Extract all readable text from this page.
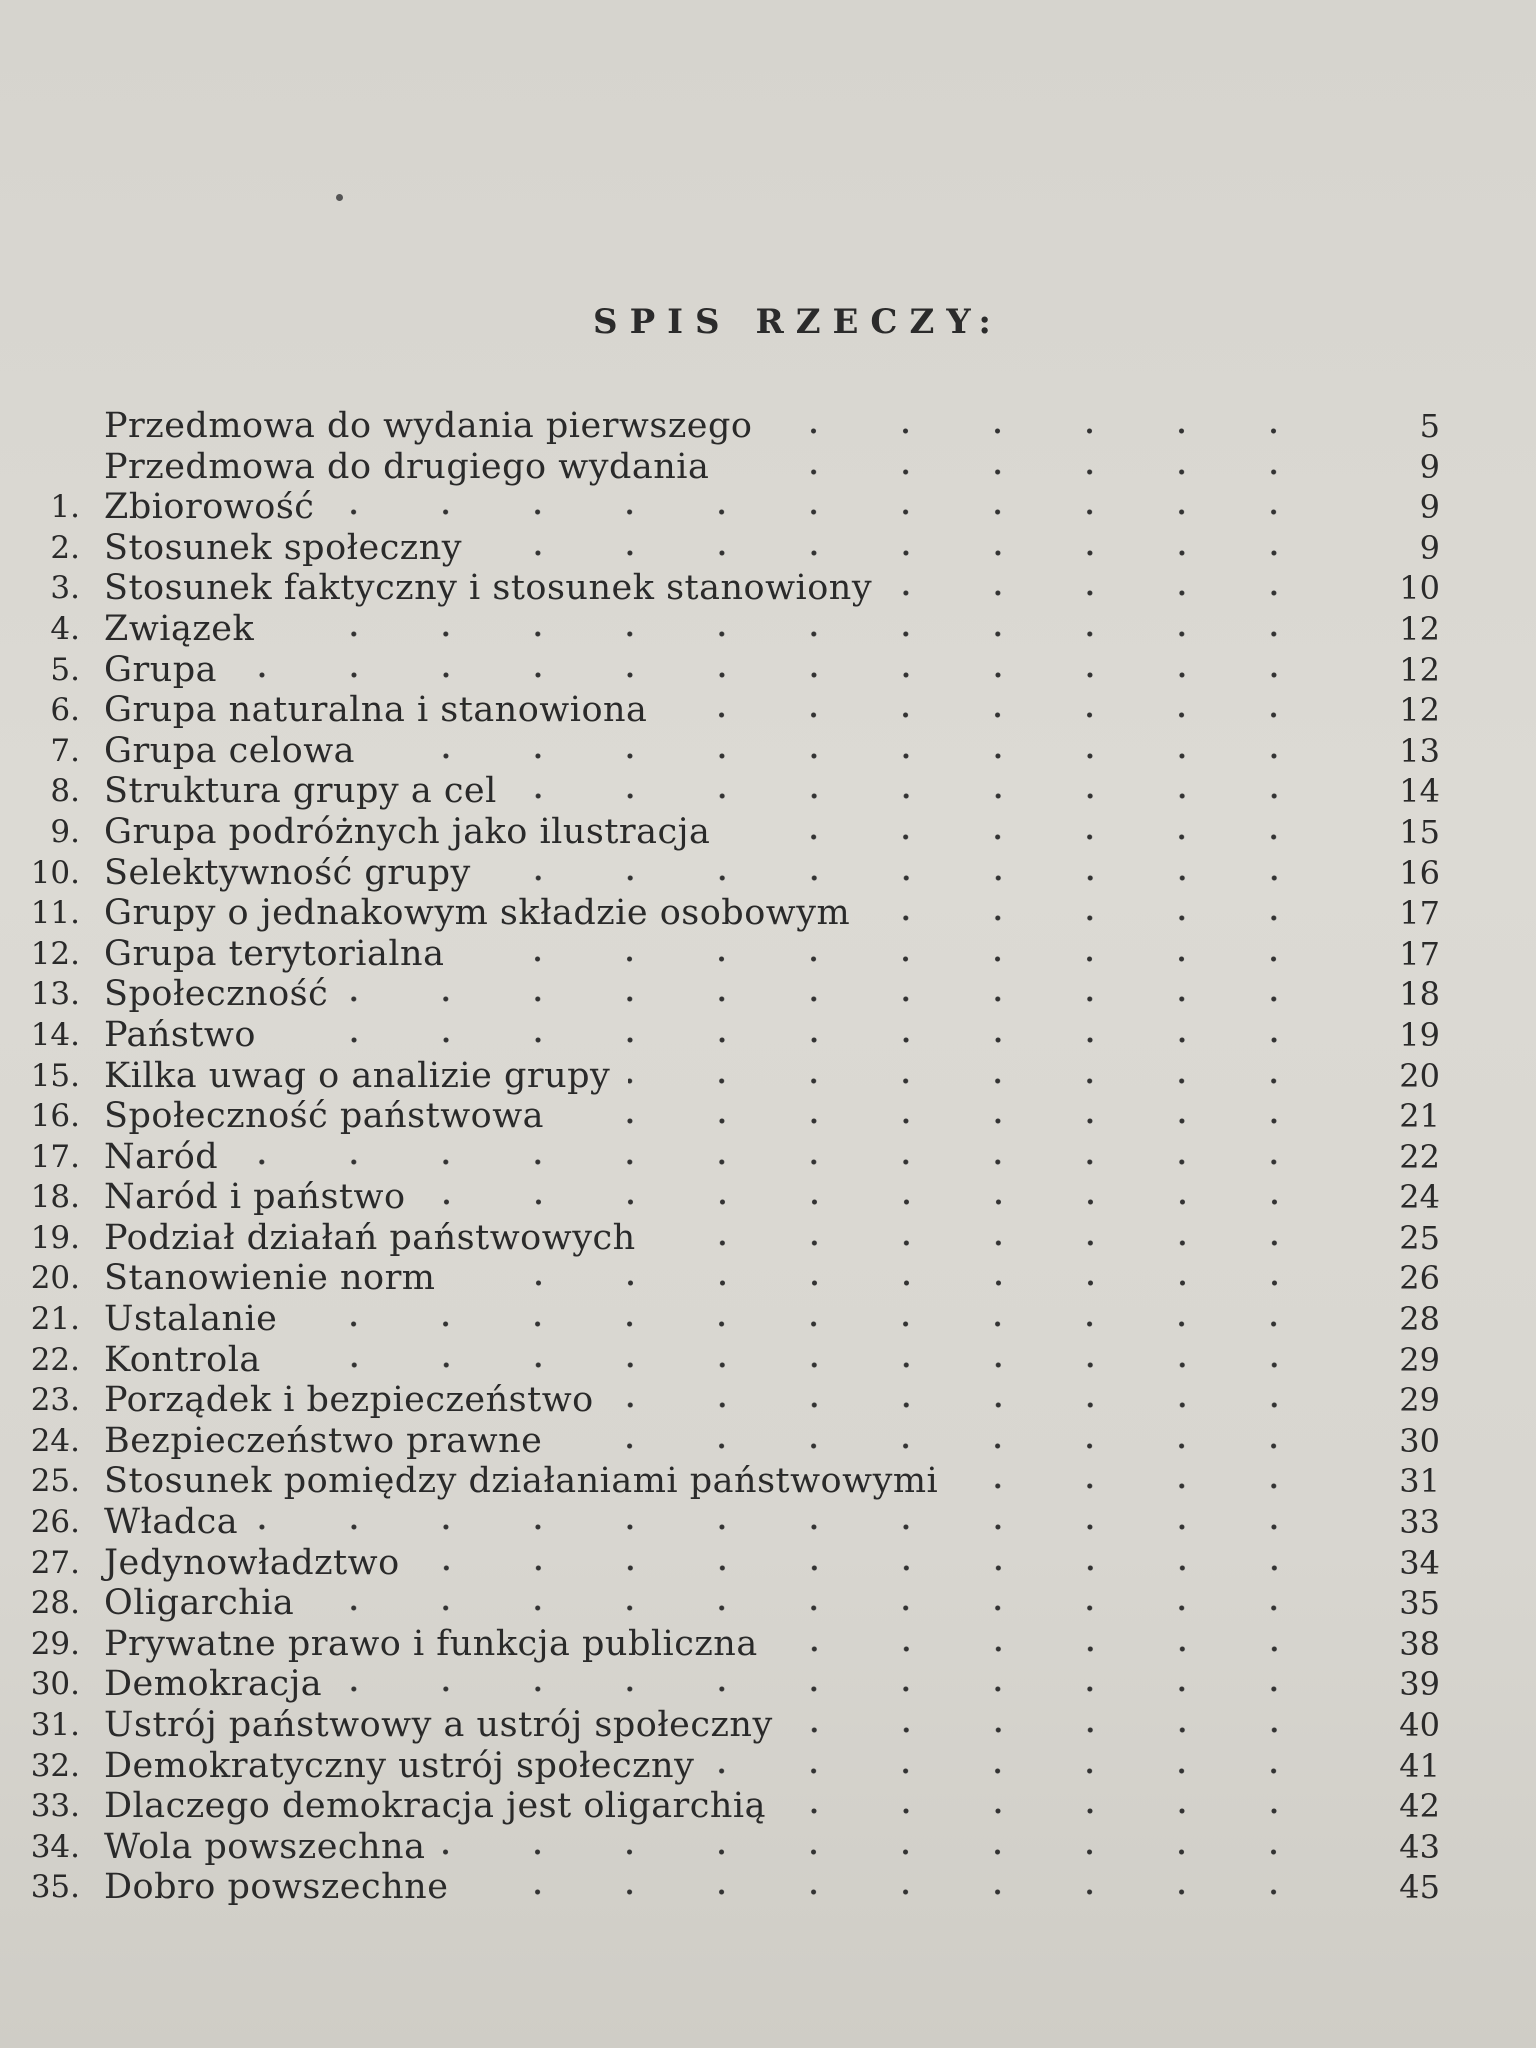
SPIS RZECZY:
Przedmowa do wydania pierwszego	5
Przedmowa do drugiego wydania	9
1. Zbiorowość	9
2. Stosunek społeczny	9
3. Stosunek faktyczny i stosunek stanowiony	10
4. Związek	12
5. Grupa	12
6. Grupa naturalna i stanowiona	12
7. Grupa celowa	13
8. Struktura grupy a cel	14
9. Grupa podróżnych jako ilustracja	15
10. Selektywność grupy	16
11. Grupy o jednakowym składzie osobowym	17
12. Grupa terytorialna	17
13. Społeczność	18
14. Państwo	19
15. Kilka uwag o analizie grupy	20
16. Społeczność państwowa	21
17. Naród	22
18. Naród i państwo	24
19. Podział działań państwowych	25
20. Stanowienie norm	26
21. Ustalanie	28
22. Kontrola	29
23. Porządek i bezpieczeństwo	29
24. Bezpieczeństwo prawne	30
25. Stosunek pomiędzy działaniami państwowymi	31
26. Władca	33
27. Jedynowładztwo	34
28. Oligarchia	35
29. Prywatne prawo i funkcja publiczna	38
30. Demokracja	39
31. Ustrój państwowy a ustrój społeczny	40
32. Demokratyczny ustrój społeczny	41
33. Dlaczego demokracja jest oligarchią	42
34. Wola powszechna	43
35. Dobro powszechne	45
